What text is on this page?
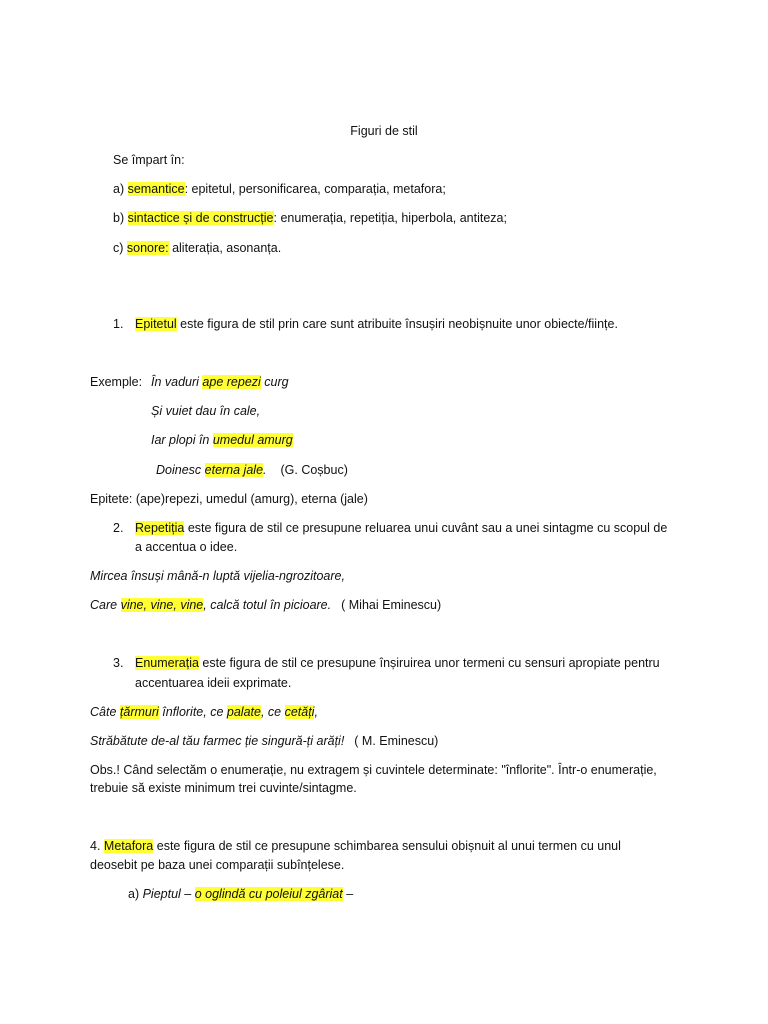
Figuri de stil
Se împart în:
a) semantice: epitetul, personificarea, comparația, metafora;
b) sintactice și de construcție: enumerația, repetiția, hiperbola, antiteza;
c) sonore: aliterația, asonanța.
1. Epitetul este figura de stil prin care sunt atribuite însușiri neobișnuite unor obiecte/ființe.
Exemple: În vaduri ape repezi curg
Și vuiet dau în cale,
Iar plopi în umedul amurg
Doinesc eterna jale. (G. Coșbuc)
Epitete: (ape)repezi, umedul (amurg), eterna (jale)
2. Repetiția este figura de stil ce presupune reluarea unui cuvânt sau a unei sintagme cu scopul de
a accentua o idee.
Mircea însuși mână-n luptă vijelia-ngrozitoare,
Care vine, vine, vine, calcă totul în picioare. ( Mihai Eminescu)
3. Enumerația este figura de stil ce presupune înșiruirea unor termeni cu sensuri apropiate pentru
accentuarea ideii exprimate.
Câte țărmuri înflorite, ce palate, ce cetăți,
Străbătute de-al tău farmec ție singură-ți arăți! ( M. Eminescu)
Obs.! Când selectăm o enumerație, nu extragem și cuvintele determinate: "înflorite". Într-o enumerație,
trebuie să existe minimum trei cuvinte/sintagme.
4. Metafora este figura de stil ce presupune schimbarea sensului obișnuit al unui termen cu unul
deosebit pe baza unei comparații subînțelese.
a) Pieptul – o oglindă cu poleiul zgâriat –
